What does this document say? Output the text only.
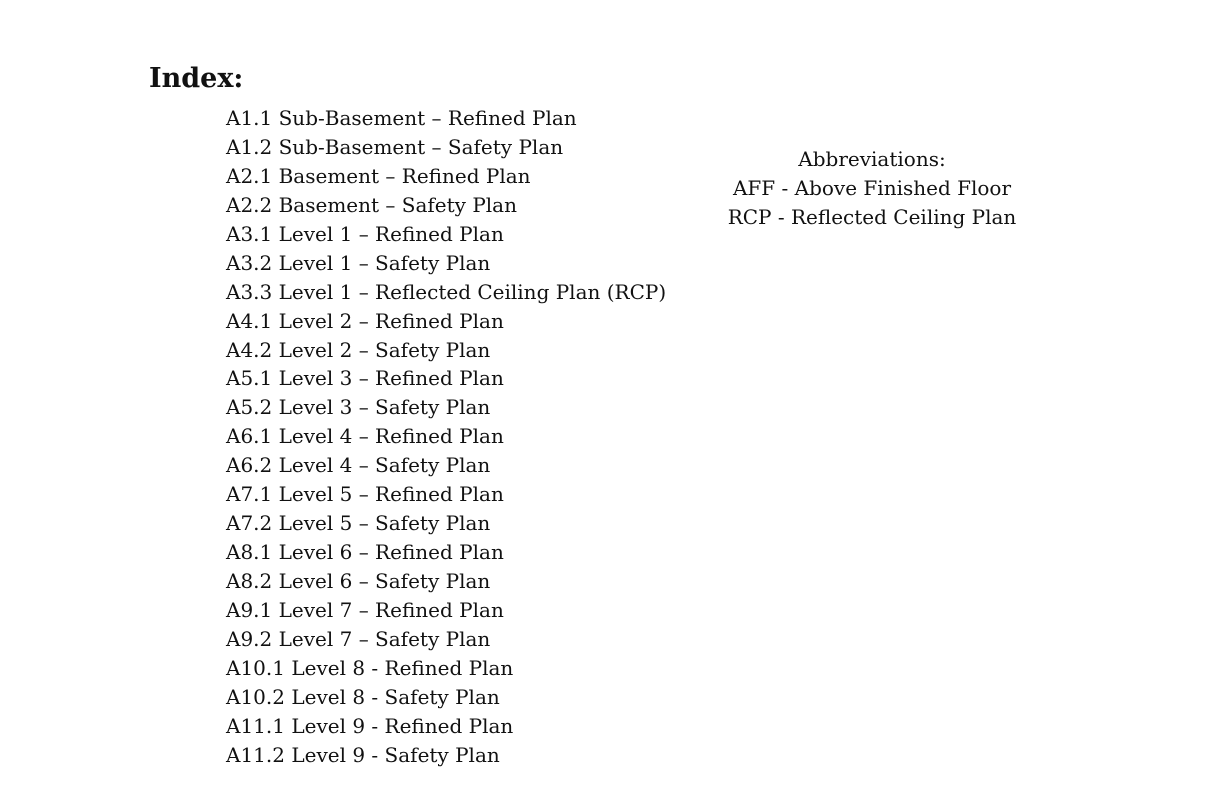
Index:
A1.1 Sub-Basement – Refined Plan
A1.2 Sub-Basement – Safety Plan
A2.1 Basement – Refined Plan
A2.2 Basement – Safety Plan
A3.1 Level 1 – Refined Plan
A3.2 Level 1 – Safety Plan
A3.3 Level 1 – Reflected Ceiling Plan (RCP)
A4.1 Level 2 – Refined Plan
A4.2 Level 2 – Safety Plan
A5.1 Level 3 – Refined Plan
A5.2 Level 3 – Safety Plan
A6.1 Level 4 – Refined Plan
A6.2 Level 4 – Safety Plan
A7.1 Level 5 – Refined Plan
A7.2 Level 5 – Safety Plan
A8.1 Level 6 – Refined Plan
A8.2 Level 6 – Safety Plan
A9.1 Level 7 – Refined Plan
A9.2 Level 7 – Safety Plan
A10.1 Level 8 - Refined Plan
A10.2 Level 8 - Safety Plan
A11.1 Level 9 - Refined Plan
A11.2 Level 9 - Safety Plan
Abbreviations:
AFF - Above Finished Floor
RCP - Reflected Ceiling Plan
